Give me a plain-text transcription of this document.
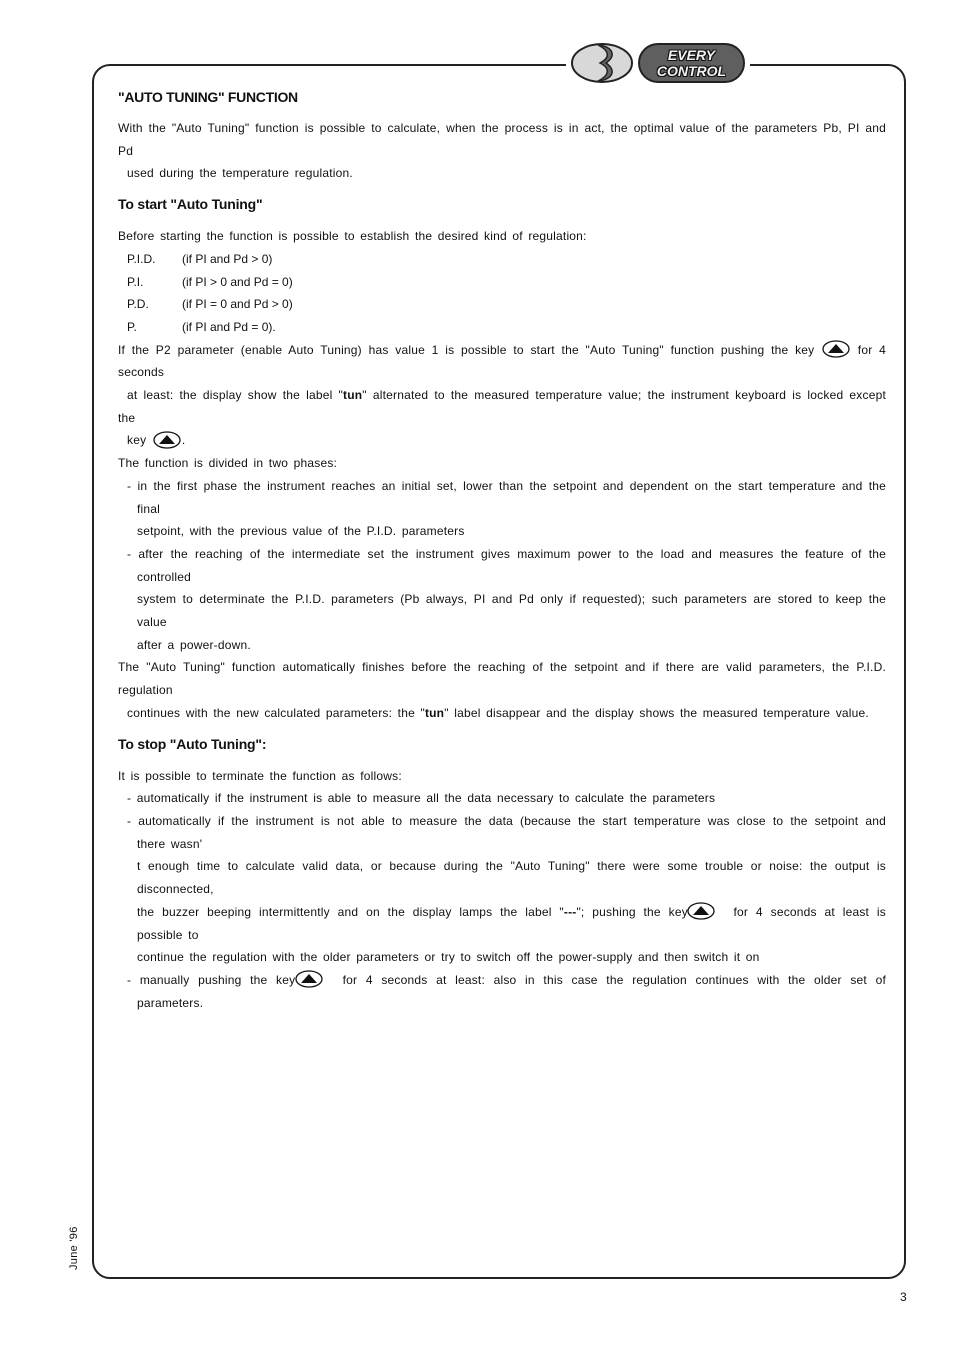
EVERY
CONTROL
"AUTO TUNING" FUNCTION
With the "Auto Tuning" function is possible to calculate, when the process is in act, the optimal value of the parameters Pb, PI and Pd
used during the temperature regulation.
To start "Auto Tuning"
Before starting the function is possible to establish the desired kind of regulation:
P.I.D.	(if PI and Pd > 0)
P.I.	(if PI > 0 and Pd = 0)
P.D.	(if PI = 0 and Pd > 0)
P.	(if PI and Pd = 0).
If the P2 parameter (enable Auto Tuning) has value 1 is possible to start the "Auto Tuning" function pushing the key	for 4 seconds
at least: the display show the label "tun" alternated to the measured temperature value; the instrument keyboard is locked except the
key	.
The function is divided in two phases:
- in the first phase the instrument reaches an initial set, lower than the setpoint and dependent on the start temperature and the final
setpoint, with the previous value of the P.I.D. parameters
- after the reaching of the intermediate set the instrument gives maximum power to the load and measures the feature of the controlled
system to determinate the P.I.D. parameters (Pb always, PI and Pd only if requested); such parameters are stored to keep the value
after a power-down.
The "Auto Tuning" function automatically finishes before the reaching of the setpoint and if there are valid parameters, the P.I.D. regulation
continues with the new calculated parameters: the "tun" label disappear and the display shows the measured temperature value.
To stop "Auto Tuning":
It is possible to terminate the function as follows:
- automatically if the instrument is able to measure all the data necessary to calculate the parameters
- automatically if the instrument is not able to measure the data (because the start temperature was close to the setpoint and there wasn'
t enough time to calculate valid data, or because during the "Auto Tuning" there were some trouble or noise: the output is disconnected,
the buzzer beeping intermittently and on the display lamps the label "---"; pushing the key	for 4 seconds at least is possible to
continue the regulation with the older parameters or try to switch off the power-supply and then switch it on
- manually pushing the key	for 4 seconds at least: also in this case the regulation continues with the older set of parameters.
June '96
3
